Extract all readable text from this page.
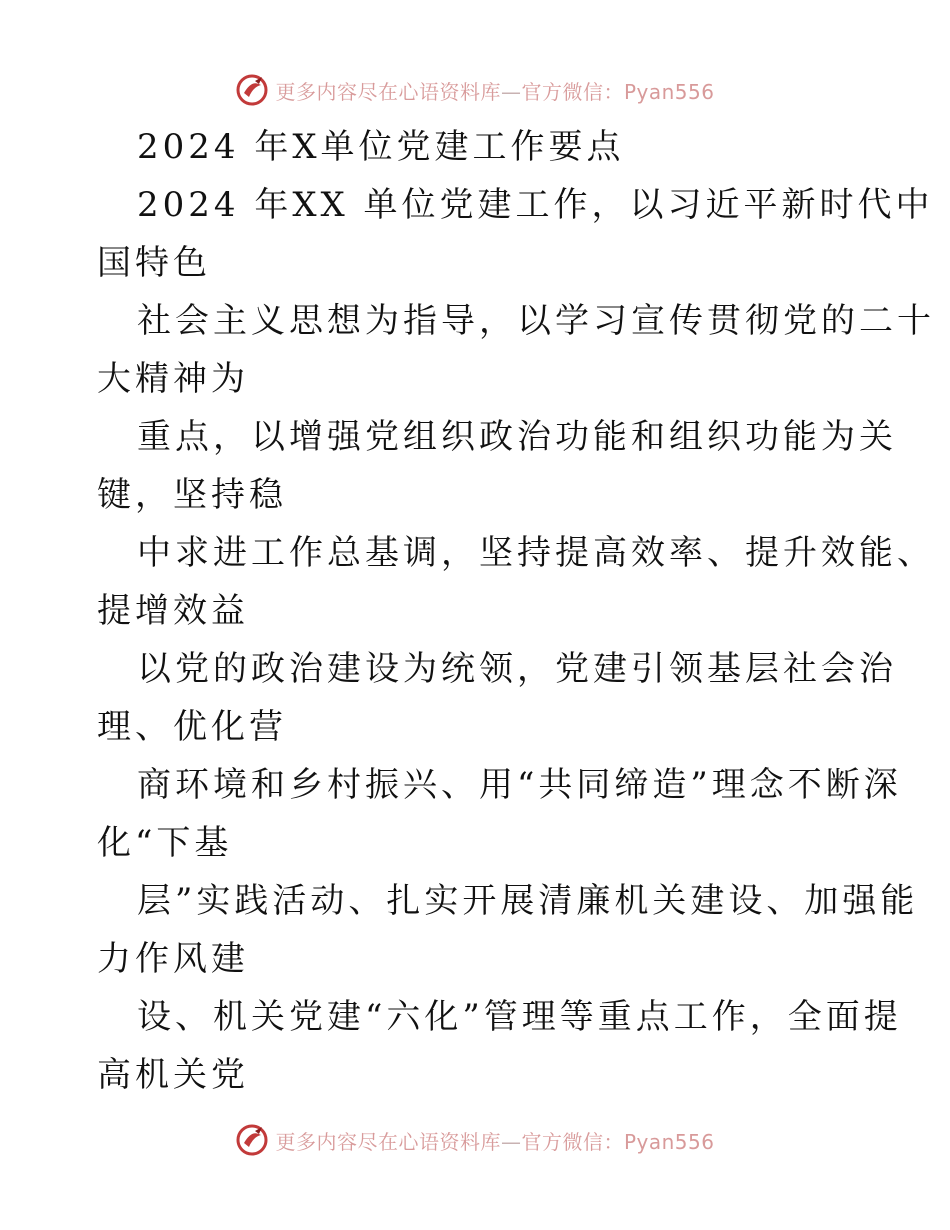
更多内容尽在心语资料库—官方微信：Pyan556

2024 年X单位党建工作要点

2024 年XX 单位党建工作，以习近平新时代中

国特色

社会主义思想为指导，以学习宣传贯彻党的二十

大精神为

重点，以增强党组织政治功能和组织功能为关

键，坚持稳

中求进工作总基调，坚持提高效率、提升效能、

提增效益

以党的政治建设为统领，党建引领基层社会治

理、优化营

商环境和乡村振兴、用“共同缔造”理念不断深

化“下基

层”实践活动、扎实开展清廉机关建设、加强能

力作风建

设、机关党建“六化”管理等重点工作，全面提

高机关党

更多内容尽在心语资料库—官方微信：Pyan556
